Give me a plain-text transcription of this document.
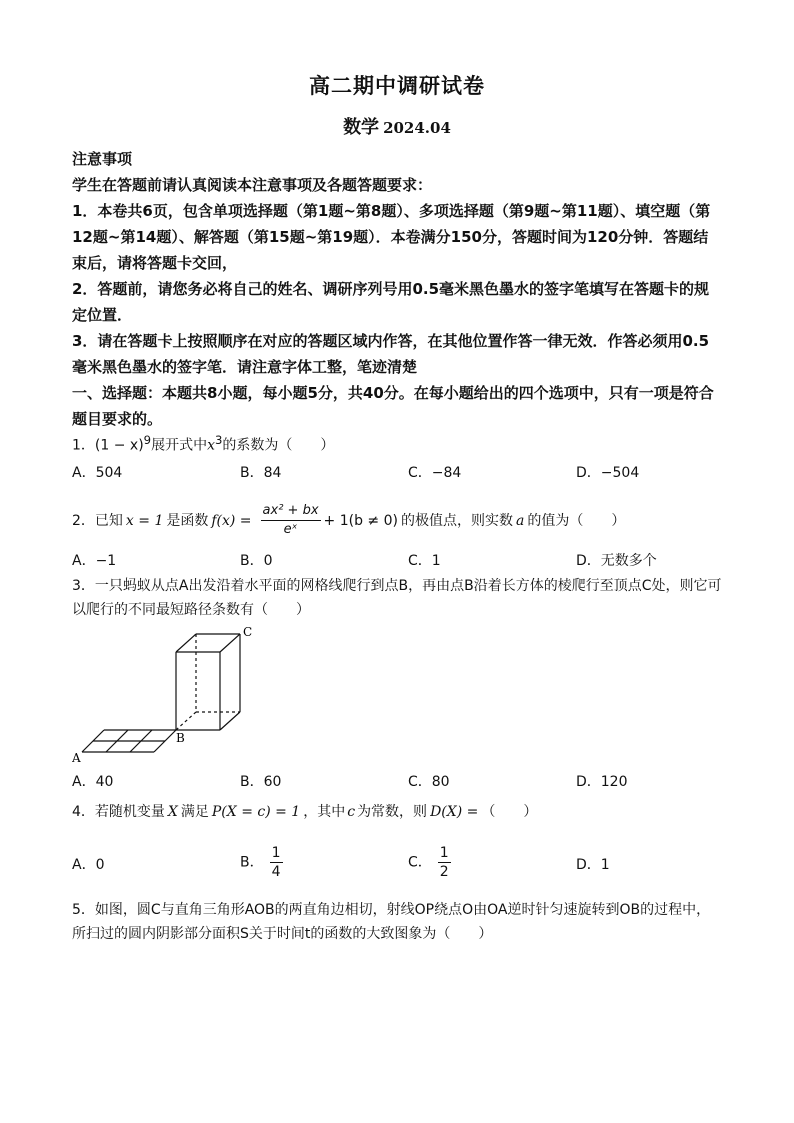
高二期中调研试卷
数学 2024.04

注意事项

学生在答题前请认真阅读本注意事项及各题答题要求：

1．本卷共6页，包含单项选择题（第1题~第8题）、多项选择题（第9题~第11题）、填空题（第12题~第14题）、解答题（第15题~第19题）．本卷满分150分，答题时间为120分钟．答题结束后，请将答题卡交回，

2．答题前，请您务必将自己的姓名、调研序列号用0.5毫米黑色墨水的签字笔填写在答题卡的规定位置．

3．请在答题卡上按照顺序在对应的答题区域内作答，在其他位置作答一律无效．作答必须用0.5毫米黑色墨水的签字笔．请注意字体工整，笔迹清楚

一、选择题：本题共8小题，每小题5分，共40分。在每小题给出的四个选项中，只有一项是符合题目要求的。

1．$(1 - x)^9$展开式中$x^3$的系数为（　　）

A．504	B．84	C．−84	D．−504

2． 已知 x = 1 是函数 $f(x) = \frac{\text{ax² + bx}}{\text{eˣ}} + 1(b \ne 0)$ 的极值点，则实数 a 的值为（　　）

A．−1	B．0	C．1	D．无数多个

3．一只蚂蚁从点A出发沿着水平面的网格线爬行到点B，再由点B沿着长方体的棱爬行至顶点C处，则它可以爬行的不同最短路径条数有（　　）

A
B
C
A．40	B．60	C．80	D．120

4．若随机变量 X 满足 P(X = c) = 1 ，其中 c 为常数，则 D(X) = （　　）

A．0	B． $\frac{1}{4}$	C． $\frac{1}{2}$	D．1

5．如图，圆C与直角三角形AOB的两直角边相切，射线OP绕点O由OA逆时针匀速旋转到OB的过程中，所扫过的圆内阴影部分面积S关于时间t的函数的大致图象为（　　）
